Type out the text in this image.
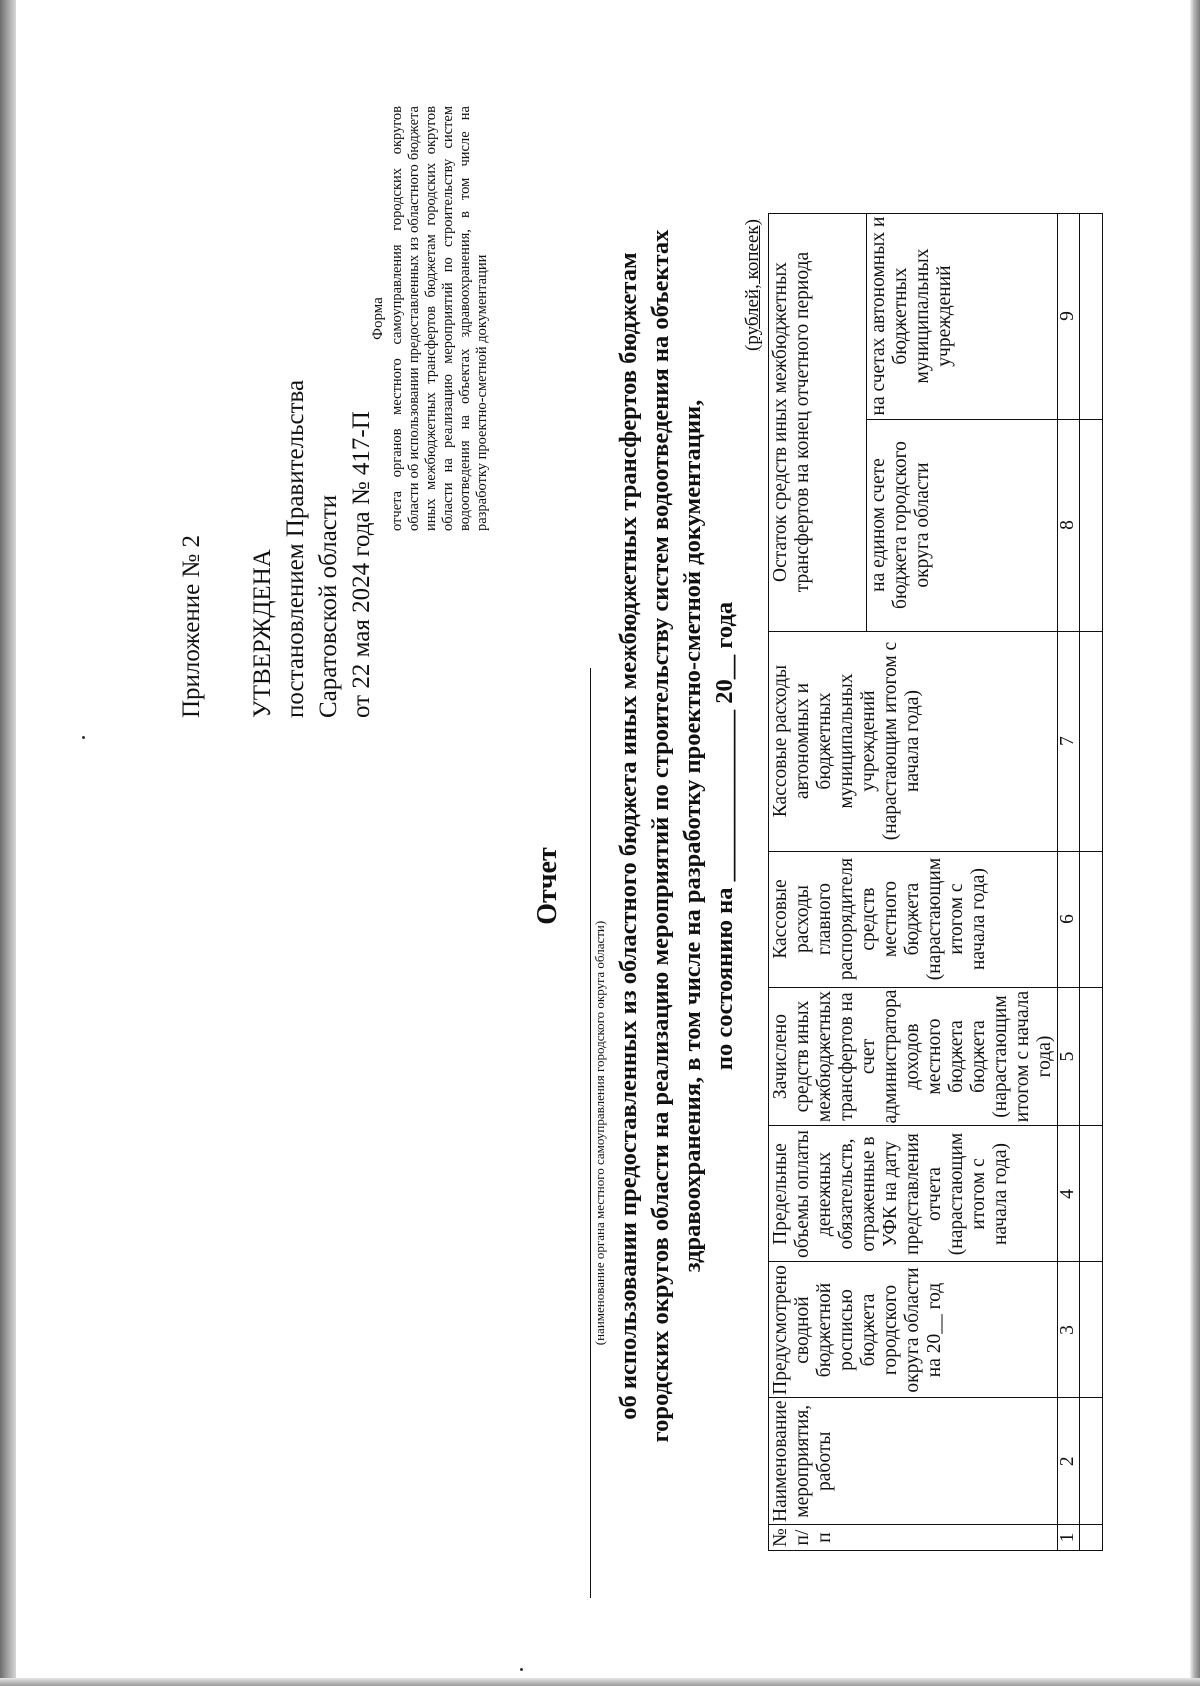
Приложение № 2 УТВЕРЖДЕНА постановлением Правительства Саратовской области от 22 мая 2024 года № 417-П
Форма отчета органов местного самоуправления городских округов области об использовании предоставленных из областного бюджета иных межбюджетных трансфертов бюджетам городских округов области на реализацию мероприятий по строительству систем водоотведения на объектах здравоохранения, в том числе на разработку проектно-сметной документации
Отчет
(наименование органа местного самоуправления городского округа области) об использовании предоставленных из областного бюджета иных межбюджетных трансфертов бюджетам городских округов области на реализацию мероприятий по строительству систем водоотведения на объектах здравоохранения, в том числе на разработку проектно-сметной документации, по состоянию на ______________ 20__ года
(рублей, копеек)
№ п/п	Наименование мероприятия, работы	Предусмотрено сводной бюджетной росписью бюджета городского округа области на 20__ год	Предельные объемы оплаты денежных обязательств, отраженные в УФК на дату представления отчета (нарастающим итогом с начала года)	Зачислено средств иных межбюджетных трансфертов на счет администратора доходов местного бюджета бюджета (нарастающим итогом с начала года)	Кассовые расходы главного распорядителя средств местного бюджета (нарастающим итогом с начала года)	Кассовые расходы автономных и бюджетных муниципальных учреждений (нарастающим итогом с начала года)	Остаток средств иных межбюджетных трансфертов на конец отчетного периода	
							на едином счете бюджета городского округа области	на счетах автономных и бюджетных муниципальных учреждений
1	2	3	4	5	6	7	8	9
